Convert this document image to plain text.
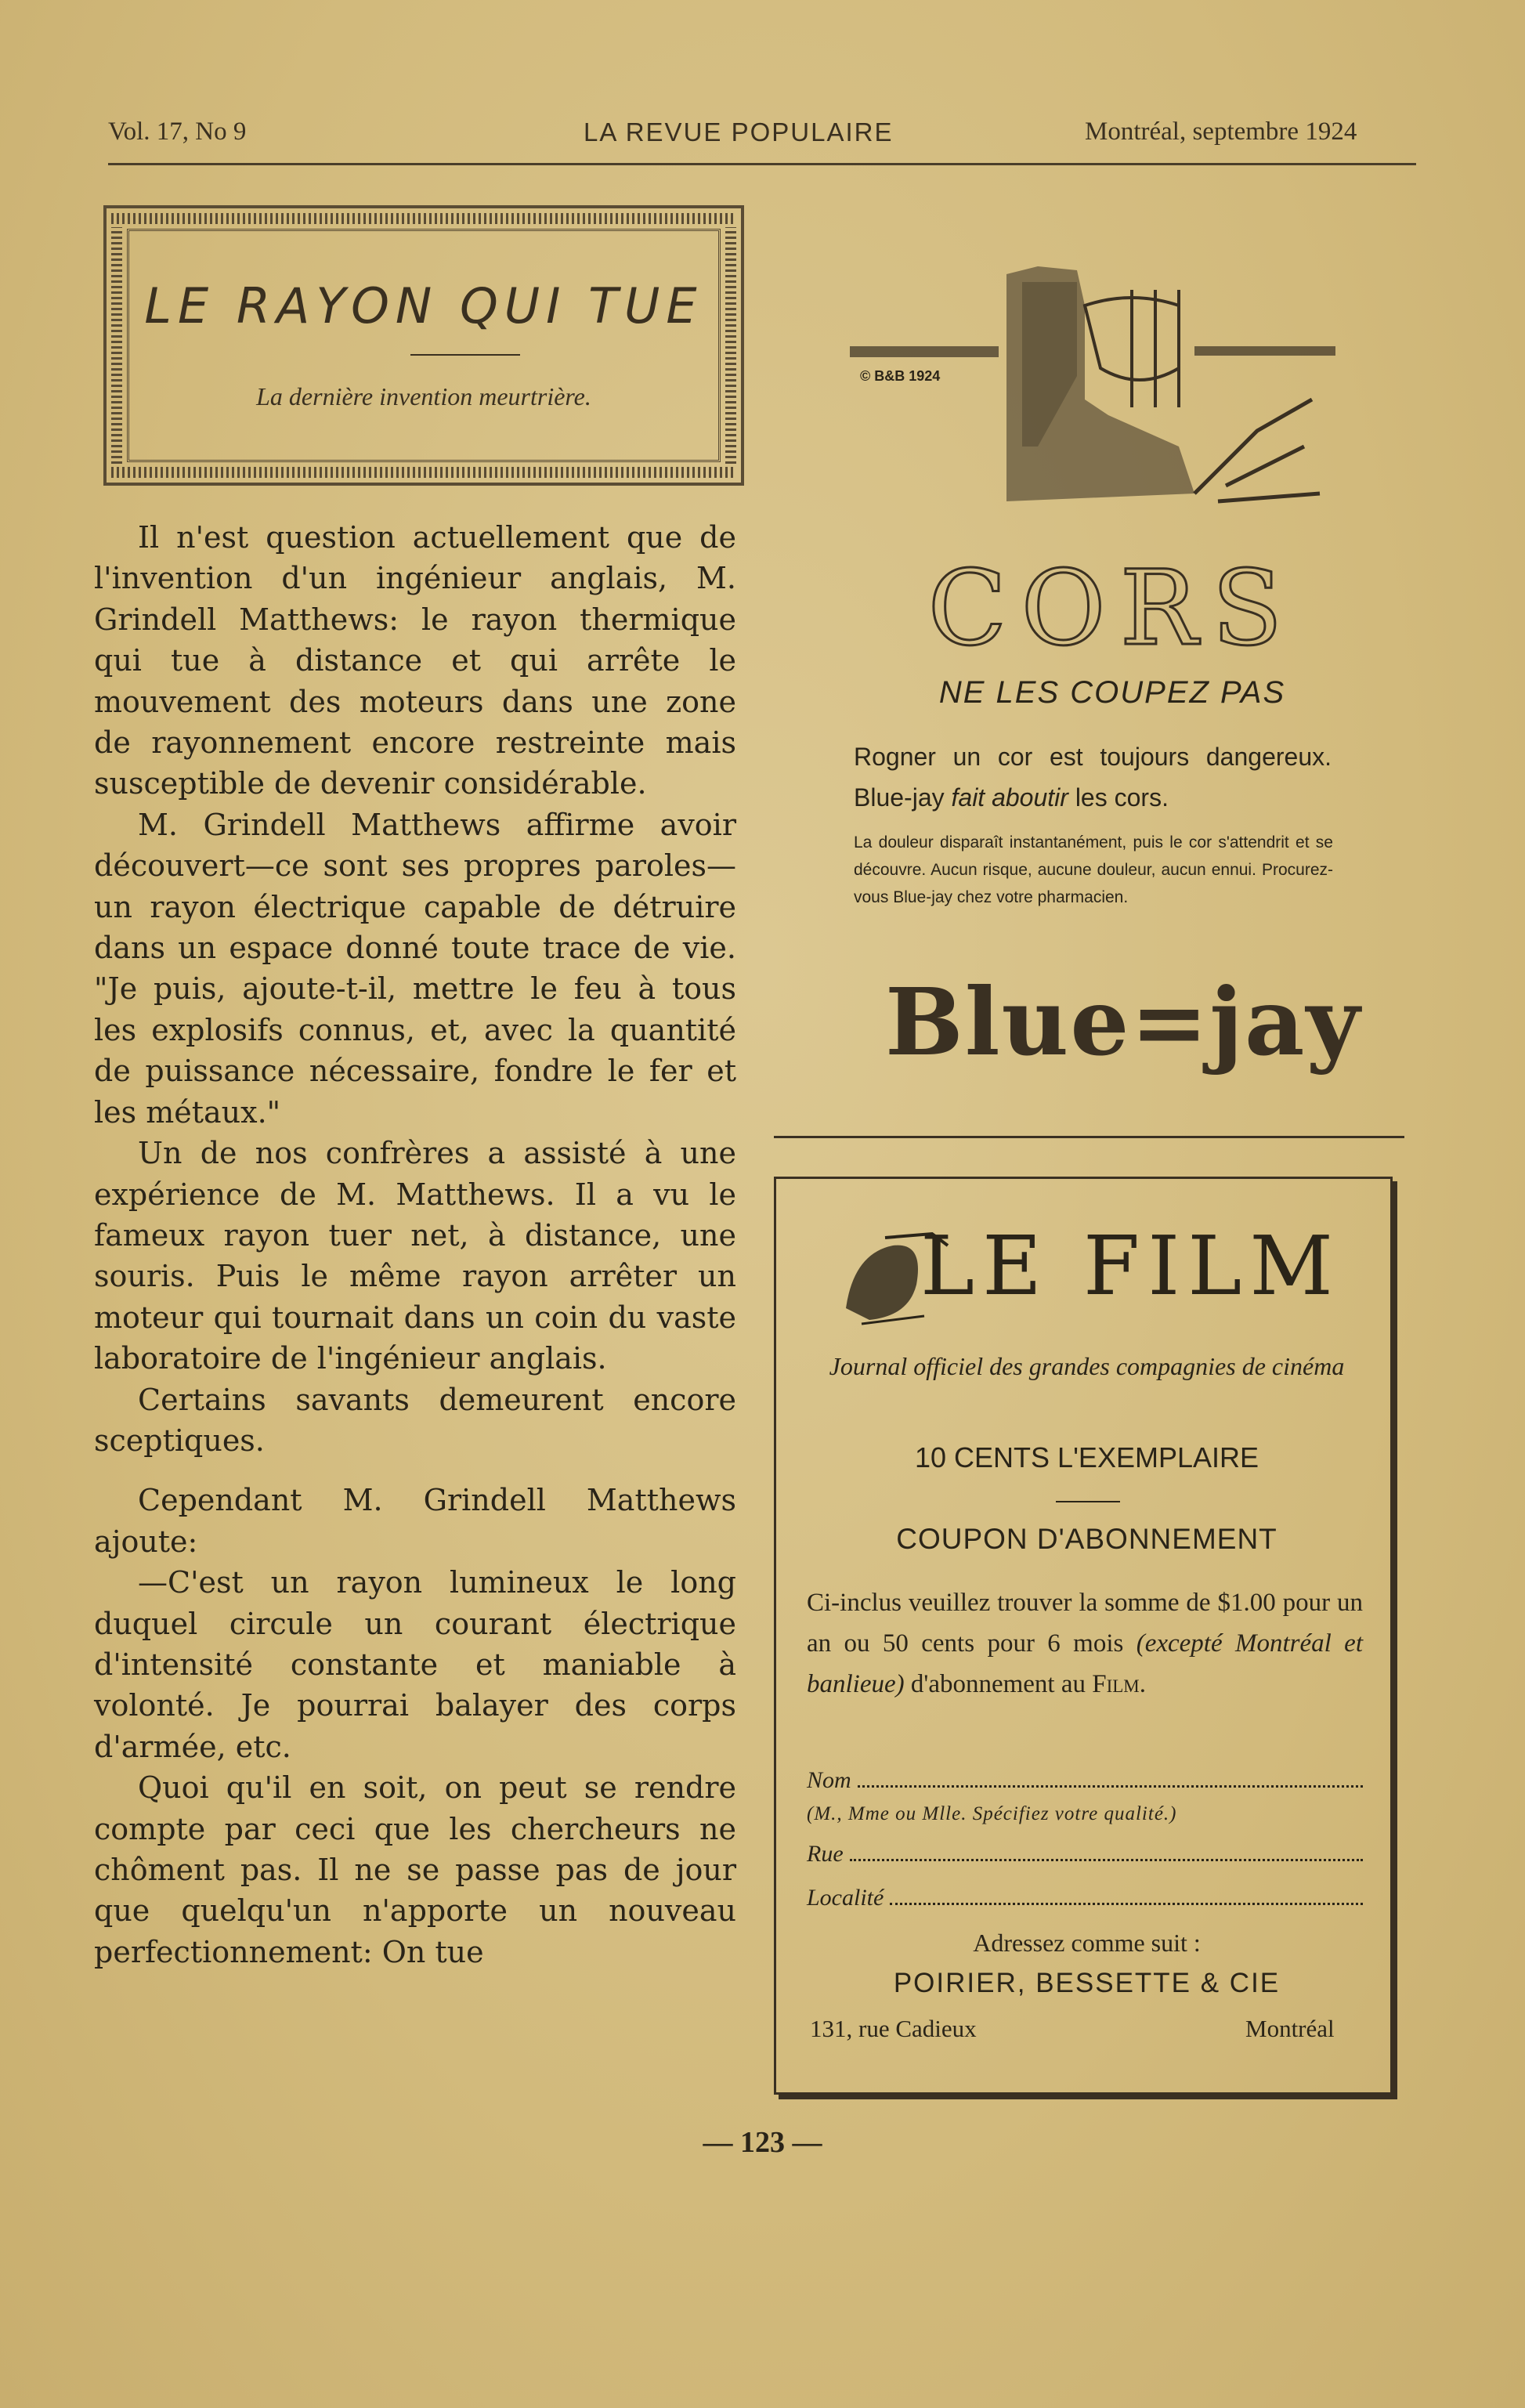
Vol. 17, No 9	LA REVUE POPULAIRE	Montréal, septembre 1924
LE RAYON QUI TUE
La dernière invention meurtrière.

Il n'est question actuellement que de l'invention d'un ingénieur anglais, M. Grindell Matthews: le rayon thermique qui tue à distance et qui arrête le mouvement des moteurs dans une zone de rayonnement encore restreinte mais susceptible de devenir considérable.

M. Grindell Matthews affirme avoir découvert—ce sont ses propres paroles—un rayon électrique capable de détruire dans un espace donné toute trace de vie. "Je puis, ajoute-t-il, mettre le feu à tous les explosifs connus, et, avec la quantité de puissance nécessaire, fondre le fer et les métaux."

Un de nos confrères a assisté à une expérience de M. Matthews. Il a vu le fameux rayon tuer net, à distance, une souris. Puis le même rayon arrêter un moteur qui tournait dans un coin du vaste laboratoire de l'ingénieur anglais.

Certains savants demeurent encore sceptiques.

Cependant M. Grindell Matthews ajoute:

—C'est un rayon lumineux le long duquel circule un courant électrique d'intensité constante et maniable à volonté. Je pourrai balayer des corps d'armée, etc.

Quoi qu'il en soit, on peut se rendre compte par ceci que les chercheurs ne chôment pas. Il ne se passe pas de jour que quelqu'un n'apporte un nouveau perfectionnement: On tue

© B&B 1924
CORS
NE LES COUPEZ PAS
Rogner un cor est toujours dangereux. Blue-jay fait aboutir les cors.
La douleur disparaît instantanément, puis le cor s'attendrit et se découvre. Aucun risque, aucune douleur, aucun ennui. Procurez-vous Blue-jay chez votre pharmacien.
Blue=jay
LE FILM
Journal officiel des grandes compagnies de cinéma
10 CENTS L'EXEMPLAIRE
COUPON D'ABONNEMENT
Ci-inclus veuillez trouver la somme de $1.00 pour un an ou 50 cents pour 6 mois (excepté Montréal et banlieue) d'abonnement au Film.
Nom
(M., Mme ou Mlle. Spécifiez votre qualité.)
Rue
Localité
Adressez comme suit :
POIRIER, BESSETTE & CIE
131, rue Cadieux	Montréal
— 123 —
